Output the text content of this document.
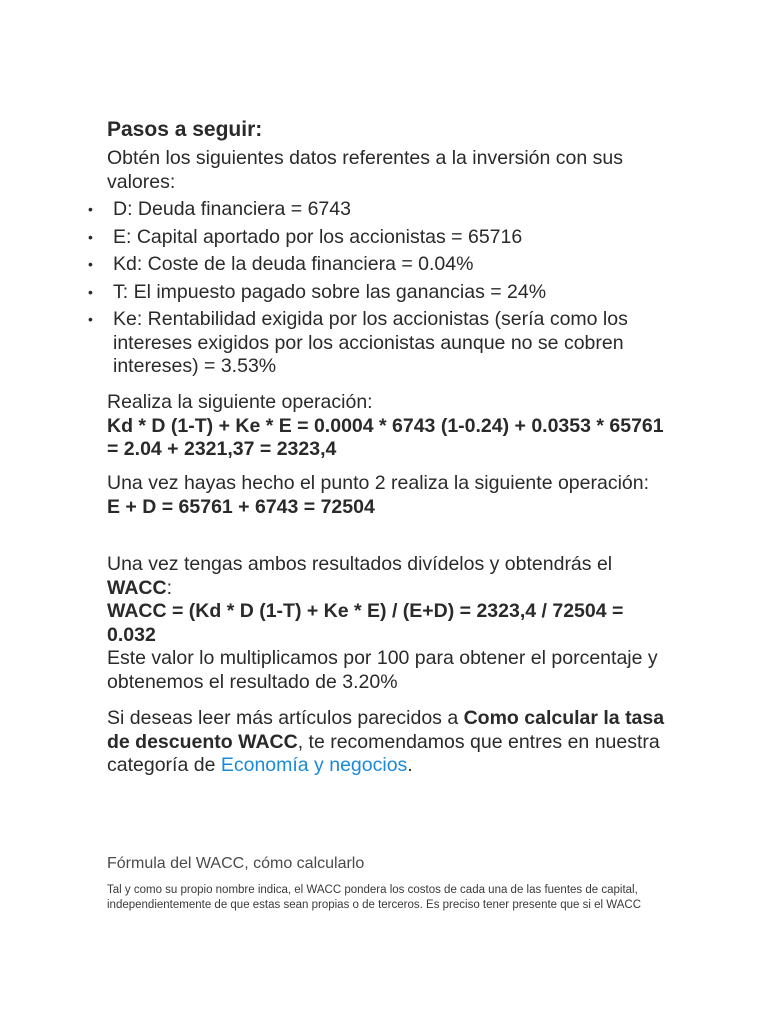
Pasos a seguir:

Obtén los siguientes datos referentes a la inversión con sus valores:

• D: Deuda financiera = 6743
• E: Capital aportado por los accionistas = 65716
• Kd: Coste de la deuda financiera = 0.04%
• T: El impuesto pagado sobre las ganancias = 24%
• Ke: Rentabilidad exigida por los accionistas (sería como los intereses exigidos por los accionistas aunque no se cobren intereses) = 3.53%
Realiza la siguiente operación:
Kd * D (1-T) + Ke * E = 0.0004 * 6743 (1-0.24) + 0.0353 * 65761 = 2.04 + 2321,37 = 2323,4
Una vez hayas hecho el punto 2 realiza la siguiente operación:
E + D = 65761 + 6743 = 72504
Una vez tengas ambos resultados divídelos y obtendrás el WACC:
WACC = (Kd * D (1-T) + Ke * E) / (E+D) = 2323,4 / 72504 = 0.032
Este valor lo multiplicamos por 100 para obtener el porcentaje y obtenemos el resultado de 3.20%
Si deseas leer más artículos parecidos a Como calcular la tasa de descuento WACC, te recomendamos que entres en nuestra categoría de Economía y negocios.

Fórmula del WACC, cómo calcularlo

Tal y como su propio nombre indica, el WACC pondera los costos de cada una de las fuentes de capital, independientemente de que estas sean propias o de terceros. Es preciso tener presente que si el WACC
